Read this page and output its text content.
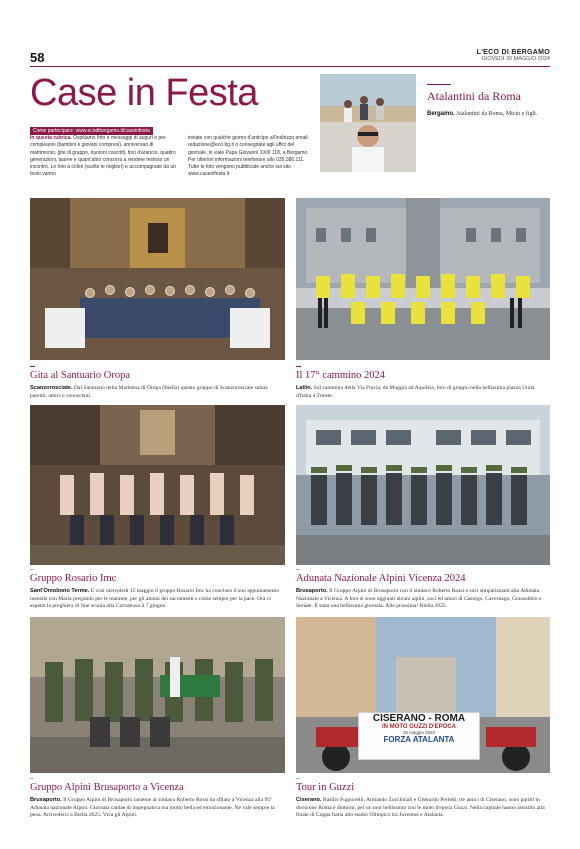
58	L'ECO DI BERGAMO
GIOVEDÌ 30 MAGGIO 2024
Case in Festa
Come partecipare: www.ecodibergamo.it/caseinfesta
In questa rubrica. Ospitiamo foto e messaggi di auguri e per compleanni (bambini e giovani compresi), anniversari di matrimonio, gite di gruppo, riunioni coscritti, fiori d'arancio, quattro generazioni, lauree e quant'altro concorra a rendere festoso un incontro. Le foto a colori (scelte le migliori) e accompagnate da un testo vanno
inviate con qualche giorno d'anticipo all'indirizzo email: redazione@eco.bg.it o consegnate agli uffici del giornale, in viale Papa Giovanni XXIII 118, a Bergamo. Per ulteriori informazioni telefonare allo 035.386.111. Tutte le foto vengono pubblicate anche sul sito www.caseinfesta.it
Atalantini da Roma
Bergamo. Atalantini da Roma, Micio e figli.
Gita al Santuario Oropa
Scanzorosciate. Dal Santuario della Madonna di Oropa (Biella) questo gruppo di Scanzorosciate saluta parenti, amici e conoscenti.
Il 17° cammino 2024
Lallio. Sul cammino della Via Flavia, da Muggia ad Aquileia, foto di gruppo nella bellissima piazza Unità d'Italia a Trieste.
▬
Gruppo Rosario Imc
Sant'Omobono Terme. E così mercoledì 15 maggio il gruppo Rosario Imc ha concluso il suo appuntamento mensile con Maria pregando per le mamme, per gli alunni dei sacramenti e come sempre per la pace. Ora ci aspetta la preghiera di fine scuola alla Cornabusa il 7 giugno.
▬
Adunata Nazionale Alpini Vicenza 2024
Brusaporto. Il Gruppo Alpini di Brusaporto con il sindaco Roberto Rossi e soci simpatizzanti alla Adunata Nazionale a Vicenza. A loro si sono aggiunti alcuni alpini, soci ed amici di Casnigo, Cavernago, Grassobbio e Seriate. È stata una bellissima giornata. Alla prossima! Biella 2025.
▬
Gruppo Alpini Brusaporto a Vicenza
Brusaporto. Il Gruppo Alpini di Brusaporto insieme al sindaco Roberto Rossi ha sfilato a Vicenza alla 95ª Adunata nazionale Alpini. Giornata caldae di impegnativa ma molto bella ed emozionante. Ne vale sempre la pena. Arrivederci a Biella 2025. Viva gli Alpini.
CISERANO - ROMA
IN MOTO GUZZI D'EPOCA
15 maggio 2024
FORZA ATALANTA
▬
Tour in Guzzi
Ciserano. Basilio Fugnorelli, Armando Zucchinali e Gherardo Perletti, tre amici di Ciserano, sono partiti in direzione Roma e dintorni, per un tour bellissimo con le moto d'epoca Guzzi. Nella capitale hanno assistito alla finale di Coppa Italia allo stadio Olimpico tra Juventus e Atalanta.
